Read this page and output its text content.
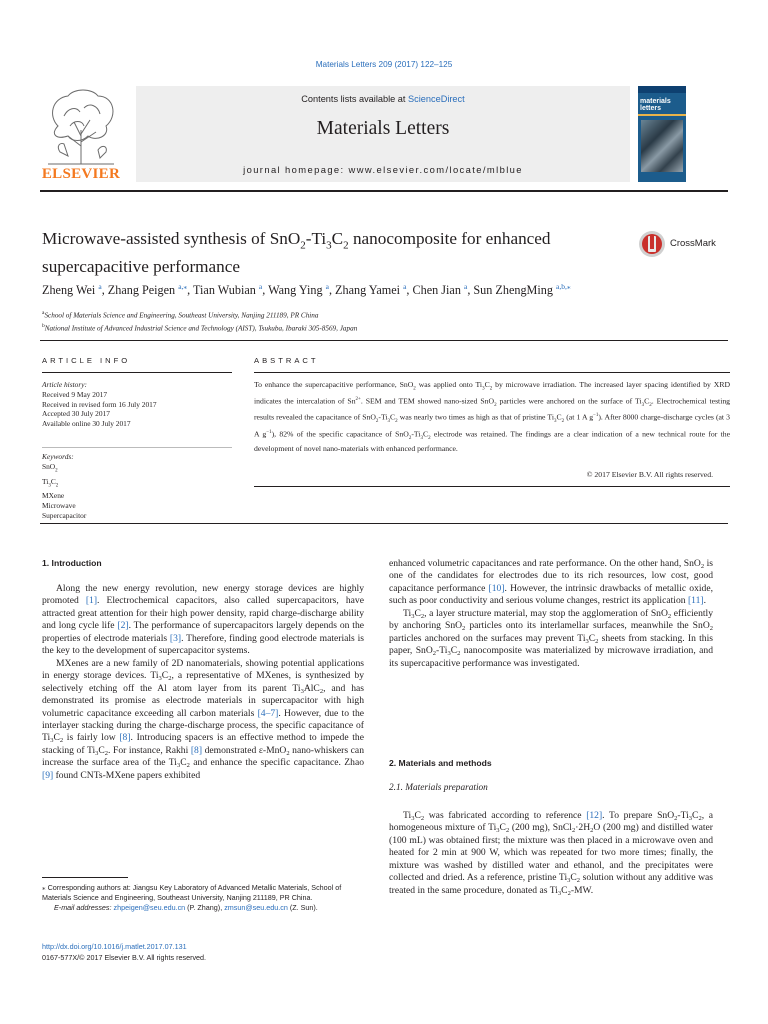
Materials Letters 209 (2017) 122–125
ELSEVIER
Contents lists available at ScienceDirect
Materials Letters
journal homepage: www.elsevier.com/locate/mlblue
materials letters
Microwave-assisted synthesis of $SnO_2-Ti_3C_2$ nanocomposite for enhanced supercapacitive performance
CrossMark
Zheng Wei $^a$, Zhang Peigen $^{a,⁎}$, Tian Wubian $^a$, Wang Ying $^a$, Zhang Yamei $^a$, Chen Jian $^a$, Sun ZhengMing $^{a,b,⁎}$
$^a$School of Materials Science and Engineering, Southeast University, Nanjing 211189, PR China
$^b$National Institute of Advanced Industrial Science and Technology (AIST), Tsukuba, Ibaraki 305-8569, Japan
ARTICLE INFO	ABSTRACT
Article history:
Received 9 May 2017
Received in revised form 16 July 2017
Accepted 30 July 2017
Available online 30 July 2017
Keywords:
SnO$_2$
$Ti_3C_2$
MXene
Microwave
Supercapacitor
To enhance the supercapacitive performance, SnO$_2$ was applied onto $Ti_3C_2$ by microwave irradiation. The increased layer spacing identified by XRD indicates the intercalation of $Sn^{2+}$. SEM and TEM showed nano-sized SnO$_2$ particles were anchored on the surface of $Ti_3C_2$. Electrochemical testing results revealed the capacitance of $SnO_2-Ti_3C_2$ was nearly two times as high as that of pristine $Ti_3C_2$ (at 1 A $g^{-1}$). After 8000 charge-discharge cycles (at 3 A $g^{-1}$), 82% of the specific capacitance of $SnO_2-Ti_3C_2$ electrode was retained. The findings are a clear indication of a new technical route for the development of novel nano-materials with enhanced performance.
© 2017 Elsevier B.V. All rights reserved.
1. Introduction

Along the new energy revolution, new energy storage devices are highly promoted [1]. Electrochemical capacitors, also called supercapacitors, have attracted great attention for their high power density, rapid charge-discharge ability and long cycle life [2]. The performance of supercapacitors largely depends on the properties of electrode materials [3]. Therefore, finding good electrode materials is the key to the development of supercapacitor systems.

MXenes are a new family of 2D nanomaterials, showing potential applications in energy storage devices. $Ti_3C_2$, a representative of MXenes, is synthesized by selectively etching off the Al atom layer from its parent $Ti_3AlC_2$, and has demonstrated its promise as electrode materials in supercapacitor with high volumetric capacitance exceeding all carbon materials [4–7]. However, due to the interlayer stacking during the charge-discharge process, the specific capacitance of $Ti_3C_2$ is fairly low [8]. Introducing spacers is an effective method to impede the stacking of $Ti_3C_2$. For instance, Rakhi [8] demonstrated ε-MnO$_2$ nano-whiskers can increase the surface area of the $Ti_3C_2$ and enhance the specific capacitance. Zhao [9] found CNTs-MXene papers exhibited

enhanced volumetric capacitances and rate performance. On the other hand, SnO$_2$ is one of the candidates for electrodes due to its rich resources, low cost, good capacitance performance [10]. However, the intrinsic drawbacks of metallic oxide, such as poor conductivity and serious volume changes, restrict its application [11].

$Ti_3C_2$, a layer structure material, may stop the agglomeration of SnO$_2$ efficiently by anchoring SnO$_2$ particles onto its interlamellar surfaces, meanwhile the SnO$_2$ particles anchored on the surfaces may prevent $Ti_3C_2$ sheets from stacking. In this paper, $SnO_2-Ti_3C_2$ nanocomposite was materialized by microwave irradiation, and its supercapacitive performance was investigated.

2. Materials and methods
2.1. Materials preparation

$Ti_3C_2$ was fabricated according to reference [12]. To prepare $SnO_2-Ti_3C_2$, a homogeneous mixture of $Ti_3C_2$ (200 mg), $SnCl_2\cdot 2H_2O$ (200 mg) and distilled water (100 mL) was obtained first; the mixture was then placed in a microwave oven and heated for 2 min at 900 W, which was repeated for two more times; finally, the mixture was washed by distilled water and ethanol, and the precipitates were collected and dried. As a reference, pristine $Ti_3C_2$ solution without any additive was treated in the same procedure, donated as $Ti_3C_2-MW$.

⁎ Corresponding authors at: Jiangsu Key Laboratory of Advanced Metallic Materials, School of Materials Science and Engineering, Southeast University, Nanjing 211189, PR China.
E-mail addresses: zhpeigen@seu.edu.cn (P. Zhang), zmsun@seu.edu.cn (Z. Sun).
http://dx.doi.org/10.1016/j.matlet.2017.07.131
0167-577X/© 2017 Elsevier B.V. All rights reserved.
